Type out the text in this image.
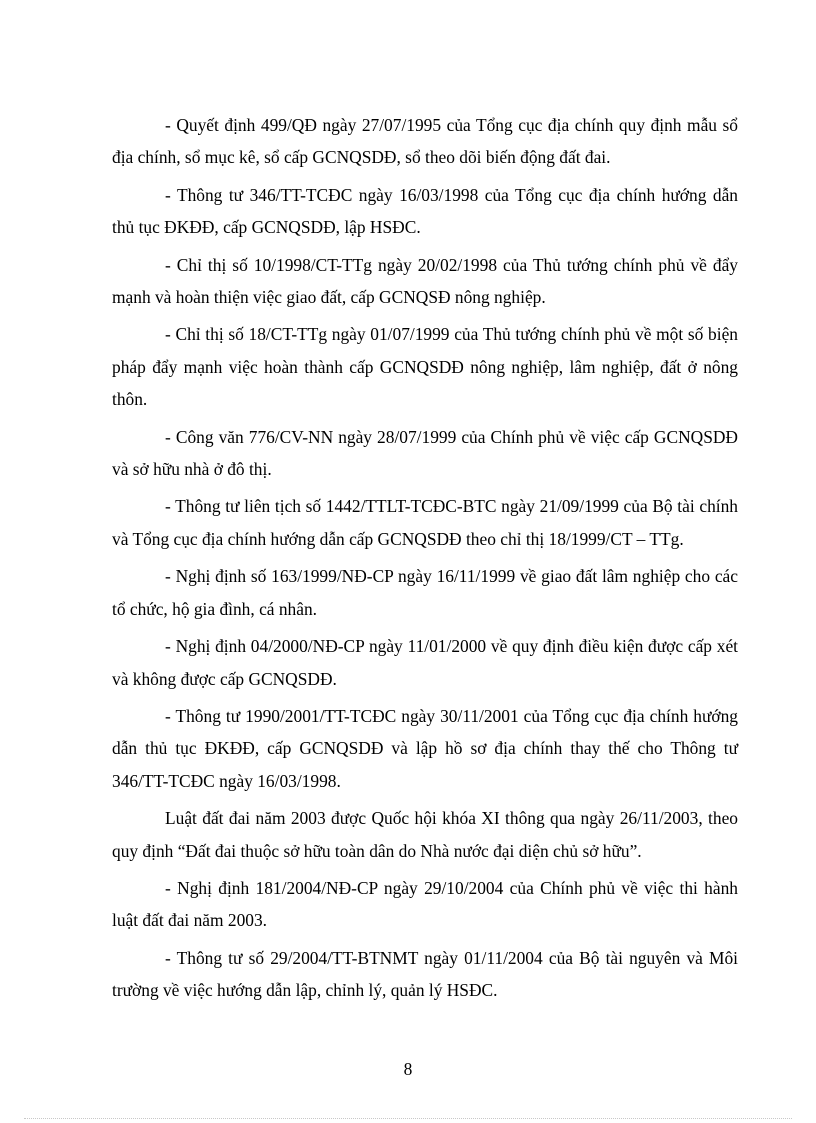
- Quyết định 499/QĐ ngày 27/07/1995 của Tổng cục địa chính quy định mẫu sổ địa chính, sổ mục kê, sổ cấp GCNQSDĐ, sổ theo dõi biến động đất đai.

- Thông tư 346/TT-TCĐC ngày 16/03/1998 của Tổng cục địa chính hướng dẫn thủ tục ĐKĐĐ, cấp GCNQSDĐ, lập HSĐC.

- Chỉ thị số 10/1998/CT-TTg ngày 20/02/1998 của Thủ tướng chính phủ về đẩy mạnh và hoàn thiện việc giao đất, cấp GCNQSĐ nông nghiệp.

- Chỉ thị số 18/CT-TTg ngày 01/07/1999 của Thủ tướng chính phủ về một số biện pháp đẩy mạnh việc hoàn thành cấp GCNQSDĐ nông nghiệp, lâm nghiệp, đất ở nông thôn.

- Công văn 776/CV-NN ngày 28/07/1999 của Chính phủ về việc cấp GCNQSDĐ và sở hữu nhà ở đô thị.

- Thông tư liên tịch số 1442/TTLT-TCĐC-BTC ngày 21/09/1999 của Bộ tài chính và Tổng cục địa chính hướng dẫn cấp GCNQSDĐ theo chỉ thị 18/1999/CT – TTg.

- Nghị định số 163/1999/NĐ-CP ngày 16/11/1999 về giao đất lâm nghiệp cho các tổ chức, hộ gia đình, cá nhân.

- Nghị định 04/2000/NĐ-CP ngày 11/01/2000 về quy định điều kiện được cấp xét và không được cấp GCNQSDĐ.

- Thông tư 1990/2001/TT-TCĐC ngày 30/11/2001 của Tổng cục địa chính hướng dẫn thủ tục ĐKĐĐ, cấp GCNQSDĐ và lập hồ sơ địa chính thay thế cho Thông tư 346/TT-TCĐC ngày 16/03/1998.

Luật đất đai năm 2003 được Quốc hội khóa XI thông qua ngày 26/11/2003, theo quy định “Đất đai thuộc sở hữu toàn dân do Nhà nước đại diện chủ sở hữu”.

- Nghị định 181/2004/NĐ-CP ngày 29/10/2004 của Chính phủ về việc thi hành luật đất đai năm 2003.

- Thông tư số 29/2004/TT-BTNMT ngày 01/11/2004 của Bộ tài nguyên và Môi trường về việc hướng dẫn lập, chỉnh lý, quản lý HSĐC.

8
